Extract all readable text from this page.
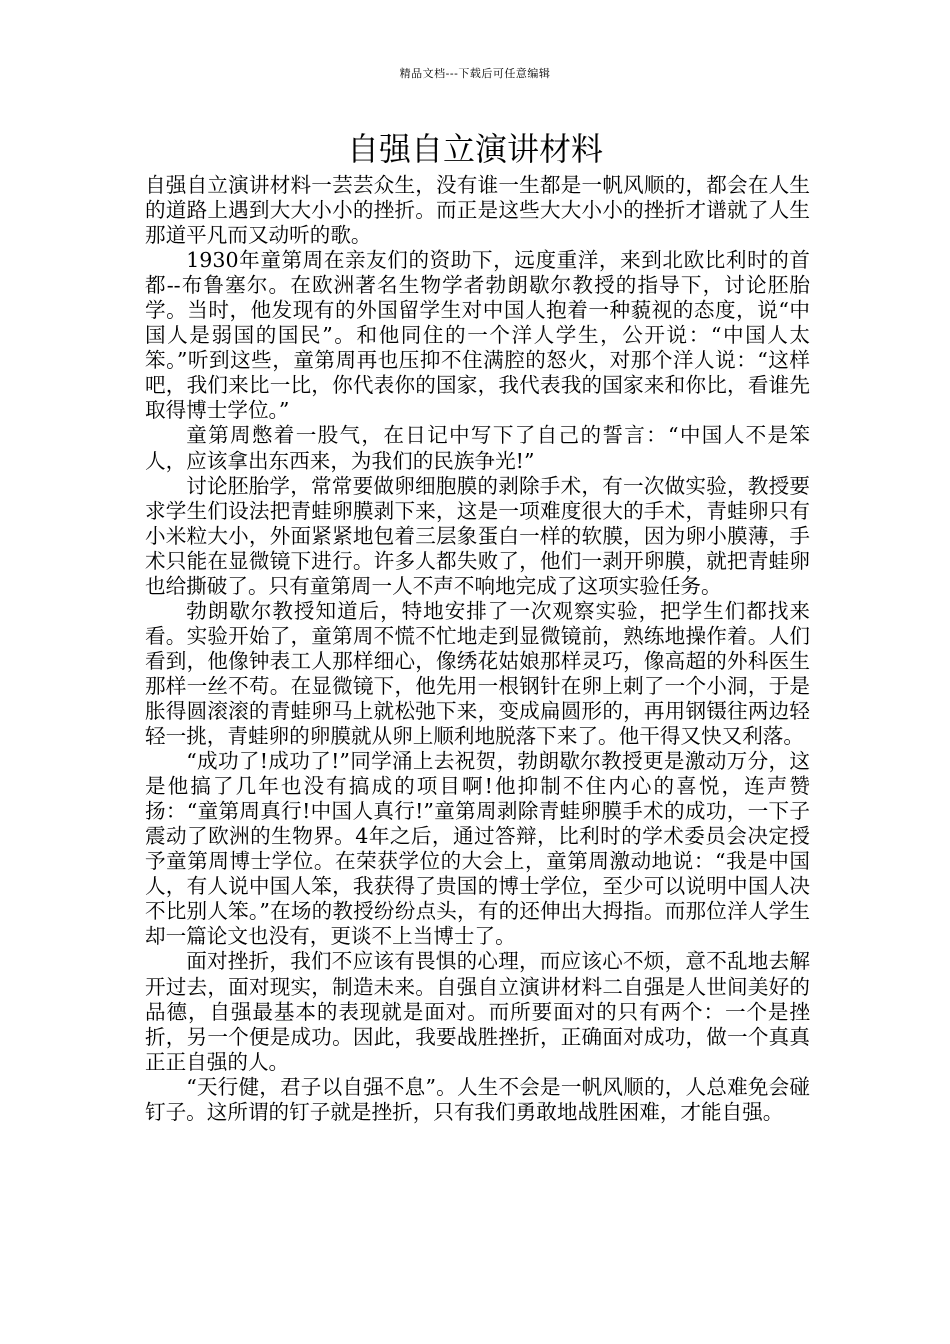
精品文档---下载后可任意编辑
自强自立演讲材料

自强自立演讲材料一芸芸众生，没有谁一生都是一帆风顺的，都会在人生的道路上遇到大大小小的挫折。而正是这些大大小小的挫折才谱就了人生那道平凡而又动听的歌。

1930年童第周在亲友们的资助下，远度重洋，来到北欧比利时的首都--布鲁塞尔。在欧洲著名生物学者勃朗歇尔教授的指导下，讨论胚胎学。当时，他发现有的外国留学生对中国人抱着一种藐视的态度，说“中国人是弱国的国民”。和他同住的一个洋人学生，公开说：“中国人太笨。”听到这些，童第周再也压抑不住满腔的怒火，对那个洋人说：“这样吧，我们来比一比，你代表你的国家，我代表我的国家来和你比，看谁先取得博士学位。”

童第周憋着一股气，在日记中写下了自己的誓言：“中国人不是笨人，应该拿出东西来，为我们的民族争光!”

讨论胚胎学，常常要做卵细胞膜的剥除手术，有一次做实验，教授要求学生们设法把青蛙卵膜剥下来，这是一项难度很大的手术，青蛙卵只有小米粒大小，外面紧紧地包着三层象蛋白一样的软膜，因为卵小膜薄，手术只能在显微镜下进行。许多人都失败了，他们一剥开卵膜，就把青蛙卵也给撕破了。只有童第周一人不声不响地完成了这项实验任务。

勃朗歇尔教授知道后，特地安排了一次观察实验，把学生们都找来看。实验开始了，童第周不慌不忙地走到显微镜前，熟练地操作着。人们看到，他像钟表工人那样细心，像绣花姑娘那样灵巧，像高超的外科医生那样一丝不苟。在显微镜下，他先用一根钢针在卵上刺了一个小洞，于是胀得圆滚滚的青蛙卵马上就松弛下来，变成扁圆形的，再用钢镊往两边轻轻一挑，青蛙卵的卵膜就从卵上顺利地脱落下来了。他干得又快又利落。

“成功了!成功了!”同学涌上去祝贺，勃朗歇尔教授更是激动万分，这是他搞了几年也没有搞成的项目啊!他抑制不住内心的喜悦，连声赞扬：“童第周真行!中国人真行!”童第周剥除青蛙卵膜手术的成功，一下子震动了欧洲的生物界。4年之后，通过答辩，比利时的学术委员会决定授予童第周博士学位。在荣获学位的大会上，童第周激动地说：“我是中国人，有人说中国人笨，我获得了贵国的博士学位，至少可以说明中国人决不比别人笨。”在场的教授纷纷点头，有的还伸出大拇指。而那位洋人学生却一篇论文也没有，更谈不上当博士了。

面对挫折，我们不应该有畏惧的心理，而应该心不烦，意不乱地去解开过去，面对现实，制造未来。自强自立演讲材料二自强是人世间美好的品德，自强最基本的表现就是面对。而所要面对的只有两个：一个是挫折，另一个便是成功。因此，我要战胜挫折，正确面对成功，做一个真真正正自强的人。

“天行健，君子以自强不息”。人生不会是一帆风顺的，人总难免会碰钉子。这所谓的钉子就是挫折，只有我们勇敢地战胜困难，才能自强。
